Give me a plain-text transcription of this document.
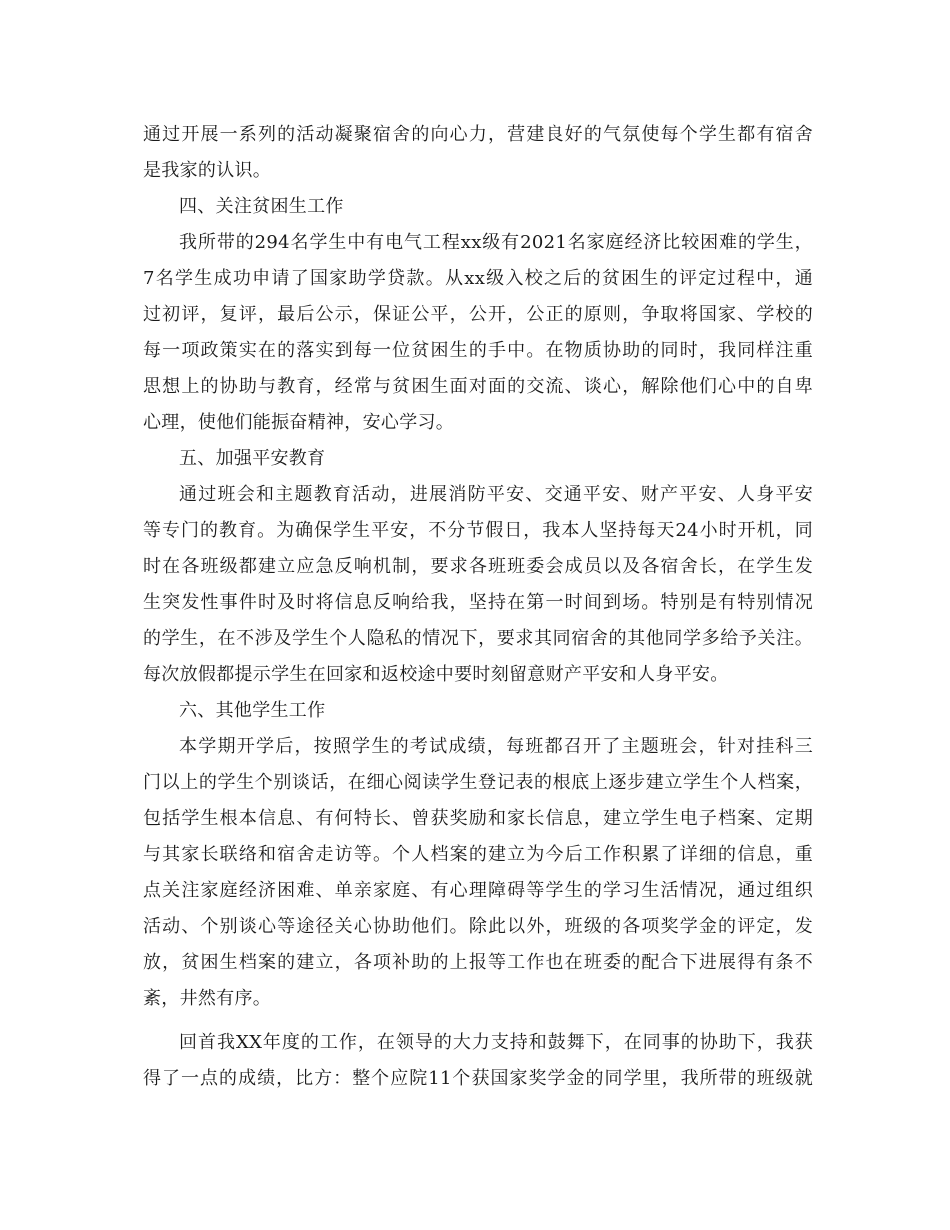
通过开展一系列的活动凝聚宿舍的向心力，营建良好的气氛使每个学生都有宿舍
是我家的认识。
四、关注贫困生工作
我所带的294名学生中有电气工程xx级有2021名家庭经济比较困难的学生，
7名学生成功申请了国家助学贷款。从xx级入校之后的贫困生的评定过程中，通
过初评，复评，最后公示，保证公平，公开，公正的原则，争取将国家、学校的
每一项政策实在的落实到每一位贫困生的手中。在物质协助的同时，我同样注重
思想上的协助与教育，经常与贫困生面对面的交流、谈心，解除他们心中的自卑
心理，使他们能振奋精神，安心学习。
五、加强平安教育
通过班会和主题教育活动，进展消防平安、交通平安、财产平安、人身平安
等专门的教育。为确保学生平安，不分节假日，我本人坚持每天24小时开机，同
时在各班级都建立应急反响机制，要求各班班委会成员以及各宿舍长，在学生发
生突发性事件时及时将信息反响给我，坚持在第一时间到场。特别是有特别情况
的学生，在不涉及学生个人隐私的情况下，要求其同宿舍的其他同学多给予关注。
每次放假都提示学生在回家和返校途中要时刻留意财产平安和人身平安。
六、其他学生工作
本学期开学后，按照学生的考试成绩，每班都召开了主题班会，针对挂科三
门以上的学生个别谈话，在细心阅读学生登记表的根底上逐步建立学生个人档案，
包括学生根本信息、有何特长、曾获奖励和家长信息，建立学生电子档案、定期
与其家长联络和宿舍走访等。个人档案的建立为今后工作积累了详细的信息，重
点关注家庭经济困难、单亲家庭、有心理障碍等学生的学习生活情况，通过组织
活动、个别谈心等途径关心协助他们。除此以外，班级的各项奖学金的评定，发
放，贫困生档案的建立，各项补助的上报等工作也在班委的配合下进展得有条不
紊，井然有序。
回首我XX年度的工作，在领导的大力支持和鼓舞下，在同事的协助下，我获
得了一点的成绩，比方：整个应院11个获国家奖学金的同学里，我所带的班级就
